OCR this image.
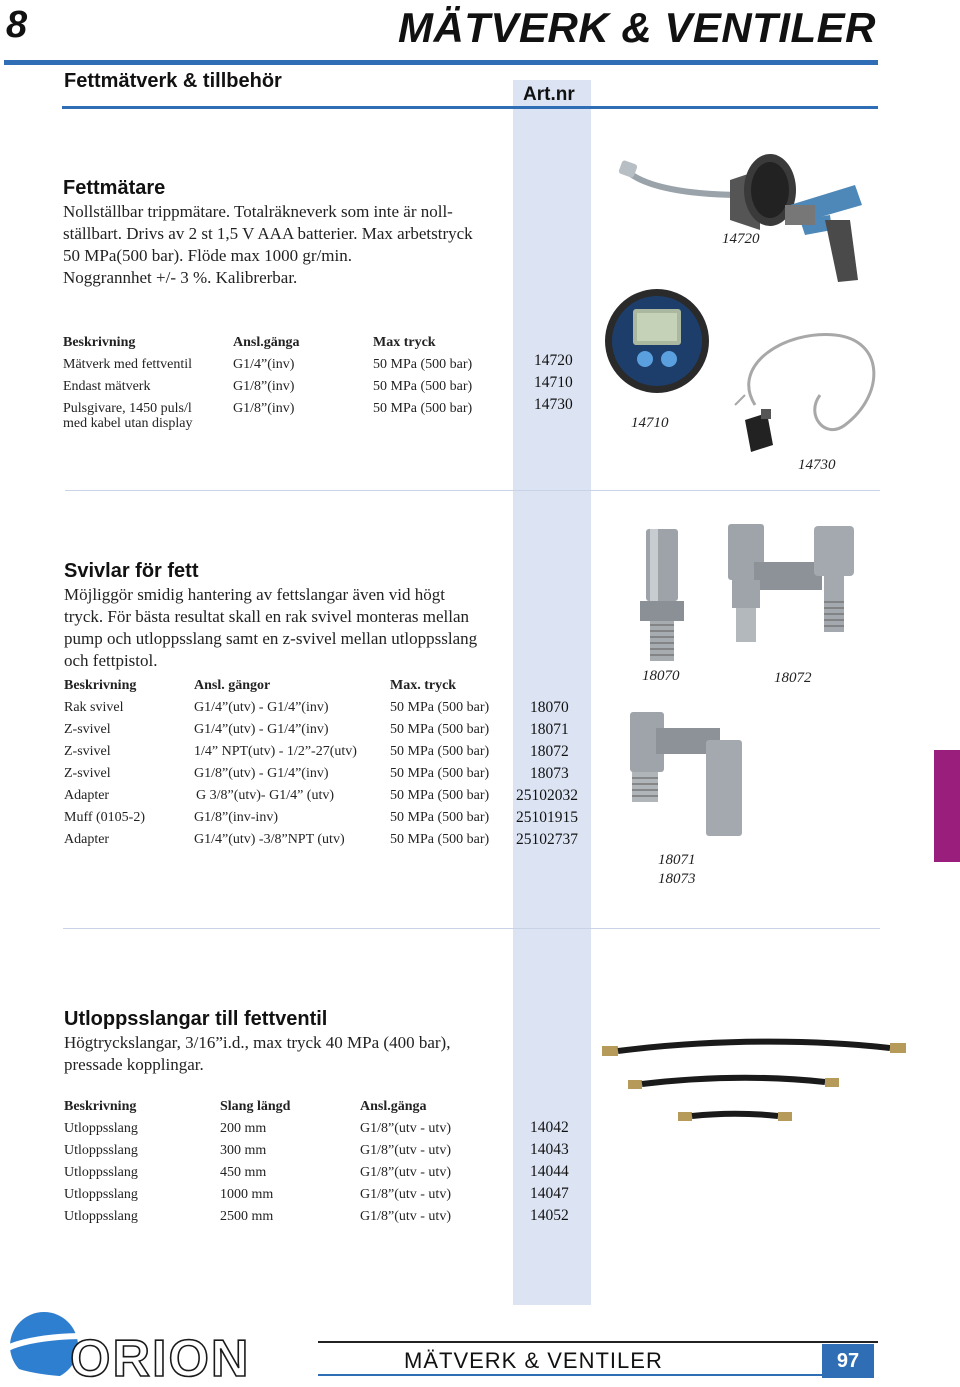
8	MÄTVERK & VENTILER
Fettmätverk & tillbehör
Art.nr
Fettmätare
Nollställbar trippmätare. Totalräkneverk som inte är noll-
ställbart. Drivs av 2 st 1,5 V AAA batterier. Max arbetstryck
50 MPa(500 bar). Flöde max 1000 gr/min.
Noggrannhet +/- 3 %. Kalibrerbar.
Beskrivning	Ansl.gänga	Max tryck
Mätverk med fettventil	G1/4”(inv)	50 MPa (500 bar)	14720
Endast mätverk	G1/8”(inv)	50 MPa (500 bar)	14710
Pulsgivare, 1450 puls/l
med kabel utan display
G1/8”(inv)	50 MPa (500 bar)	14730
14720
14710
14730
Svivlar för fett
Möjliggör smidig hantering av fettslangar även vid högt
tryck. För bästa resultat skall en rak svivel monteras mellan
pump och utloppsslang samt en z-svivel mellan utloppsslang
och fettpistol.
Beskrivning	Ansl. gängor	Max. tryck
Rak svivel	G1/4”(utv) - G1/4”(inv)	50 MPa (500 bar)	18070
Z-svivel	G1/4”(utv) - G1/4”(inv)	50 MPa (500 bar)	18071
Z-svivel	1/4” NPT(utv) - 1/2”-27(utv) 50 MPa (500 bar)	18072
Z-svivel	G1/8”(utv) - G1/4”(inv)	50 MPa (500 bar)	18073
Adapter	G 3/8”(utv)- G1/4” (utv)	50 MPa (500 bar) 25102032
Muff (0105-2)	G1/8”(inv-inv)	50 MPa (500 bar) 25101915
Adapter	G1/4”(utv) -3/8”NPT (utv)	50 MPa (500 bar) 25102737
18070	18072
18071
18073
Utloppsslangar till fettventil
Högtryckslangar, 3/16”i.d., max tryck 40 MPa (400 bar),
pressade kopplingar.
Beskrivning	Slang längd	Ansl.gänga
Utloppsslang	200 mm	G1/8”(utv - utv)	14042
Utloppsslang	300 mm	G1/8”(utv - utv)	14043
Utloppsslang	450 mm	G1/8”(utv - utv)	14044
Utloppsslang	1000 mm	G1/8”(utv - utv)	14047
Utloppsslang	2500 mm	G1/8”(utv - utv)	14052
ORION	MÄTVERK & VENTILER	97
